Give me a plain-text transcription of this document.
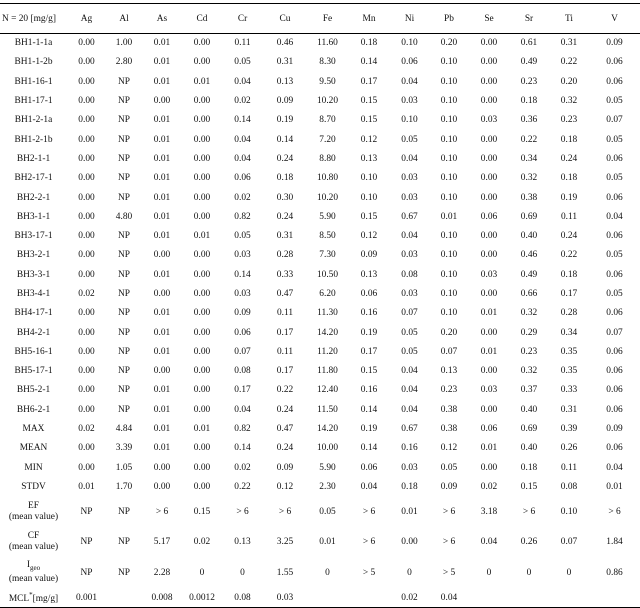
N = 20 [mg/g]	Ag	Al	As	Cd	Cr	Cu	Fe	Mn	Ni	Pb	Se	Sr	Ti	V	
BH1-1-1a	0.00	1.00	0.01	0.00	0.11	0.46	11.60	0.18	0.10	0.20	0.00	0.61	0.31	0.09	
BH1-1-2b	0.00	2.80	0.01	0.00	0.05	0.31	8.30	0.14	0.06	0.10	0.00	0.49	0.22	0.06	
BH1-16-1	0.00	NP	0.01	0.01	0.04	0.13	9.50	0.17	0.04	0.10	0.00	0.23	0.20	0.06	
BH1-17-1	0.00	NP	0.00	0.00	0.02	0.09	10.20	0.15	0.03	0.10	0.00	0.18	0.32	0.05	
BH1-2-1a	0.00	NP	0.01	0.00	0.14	0.19	8.70	0.15	0.10	0.10	0.03	0.36	0.23	0.07	
BH1-2-1b	0.00	NP	0.01	0.00	0.04	0.14	7.20	0.12	0.05	0.10	0.00	0.22	0.18	0.05	
BH2-1-1	0.00	NP	0.01	0.00	0.04	0.24	8.80	0.13	0.04	0.10	0.00	0.34	0.24	0.06	
BH2-17-1	0.00	NP	0.01	0.00	0.06	0.18	10.80	0.10	0.03	0.10	0.00	0.32	0.18	0.05	
BH2-2-1	0.00	NP	0.01	0.00	0.02	0.30	10.20	0.10	0.03	0.10	0.00	0.38	0.19	0.06	
BH3-1-1	0.00	4.80	0.01	0.00	0.82	0.24	5.90	0.15	0.67	0.01	0.06	0.69	0.11	0.04	
BH3-17-1	0.00	NP	0.01	0.01	0.05	0.31	8.50	0.12	0.04	0.10	0.00	0.40	0.24	0.06	
BH3-2-1	0.00	NP	0.00	0.00	0.03	0.28	7.30	0.09	0.03	0.10	0.00	0.46	0.22	0.05	
BH3-3-1	0.00	NP	0.01	0.00	0.14	0.33	10.50	0.13	0.08	0.10	0.03	0.49	0.18	0.06	
BH3-4-1	0.02	NP	0.00	0.00	0.03	0.47	6.20	0.06	0.03	0.10	0.00	0.66	0.17	0.05	
BH4-17-1	0.00	NP	0.01	0.00	0.09	0.11	11.30	0.16	0.07	0.10	0.01	0.32	0.28	0.06	
BH4-2-1	0.00	NP	0.01	0.00	0.06	0.17	14.20	0.19	0.05	0.20	0.00	0.29	0.34	0.07	
BH5-16-1	0.00	NP	0.01	0.00	0.07	0.11	11.20	0.17	0.05	0.07	0.01	0.23	0.35	0.06	
BH5-17-1	0.00	NP	0.00	0.00	0.08	0.17	11.80	0.15	0.04	0.13	0.00	0.32	0.35	0.06	
BH5-2-1	0.00	NP	0.01	0.00	0.17	0.22	12.40	0.16	0.04	0.23	0.03	0.37	0.33	0.06	
BH6-2-1	0.00	NP	0.01	0.00	0.04	0.24	11.50	0.14	0.04	0.38	0.00	0.40	0.31	0.06	
MAX	0.02	4.84	0.01	0.01	0.82	0.47	14.20	0.19	0.67	0.38	0.06	0.69	0.39	0.09	
MEAN	0.00	3.39	0.01	0.00	0.14	0.24	10.00	0.14	0.16	0.12	0.01	0.40	0.26	0.06	
MIN	0.00	1.05	0.00	0.00	0.02	0.09	5.90	0.06	0.03	0.05	0.00	0.18	0.11	0.04	
STDV	0.01	1.70	0.00	0.00	0.22	0.12	2.30	0.04	0.18	0.09	0.02	0.15	0.08	0.01	

EF
(mean value)	NP	NP	> 6	0.15	> 6	> 6	0.05	> 6	0.01	> 6	3.18	> 6	0.10	> 6	

CF
(mean value)	NP	NP	5.17	0.02	0.13	3.25	0.01	> 6	0.00	> 6	0.04	0.26	0.07	1.84	

$I_{geo}$
(mean value)	NP	NP	2.28	0	0	1.55	0	> 5	0	> 5	0	0	0	0.86	
MCL*[mg/g]	0.001		0.008	0.0012	0.08	0.03			0.02	0.04					
